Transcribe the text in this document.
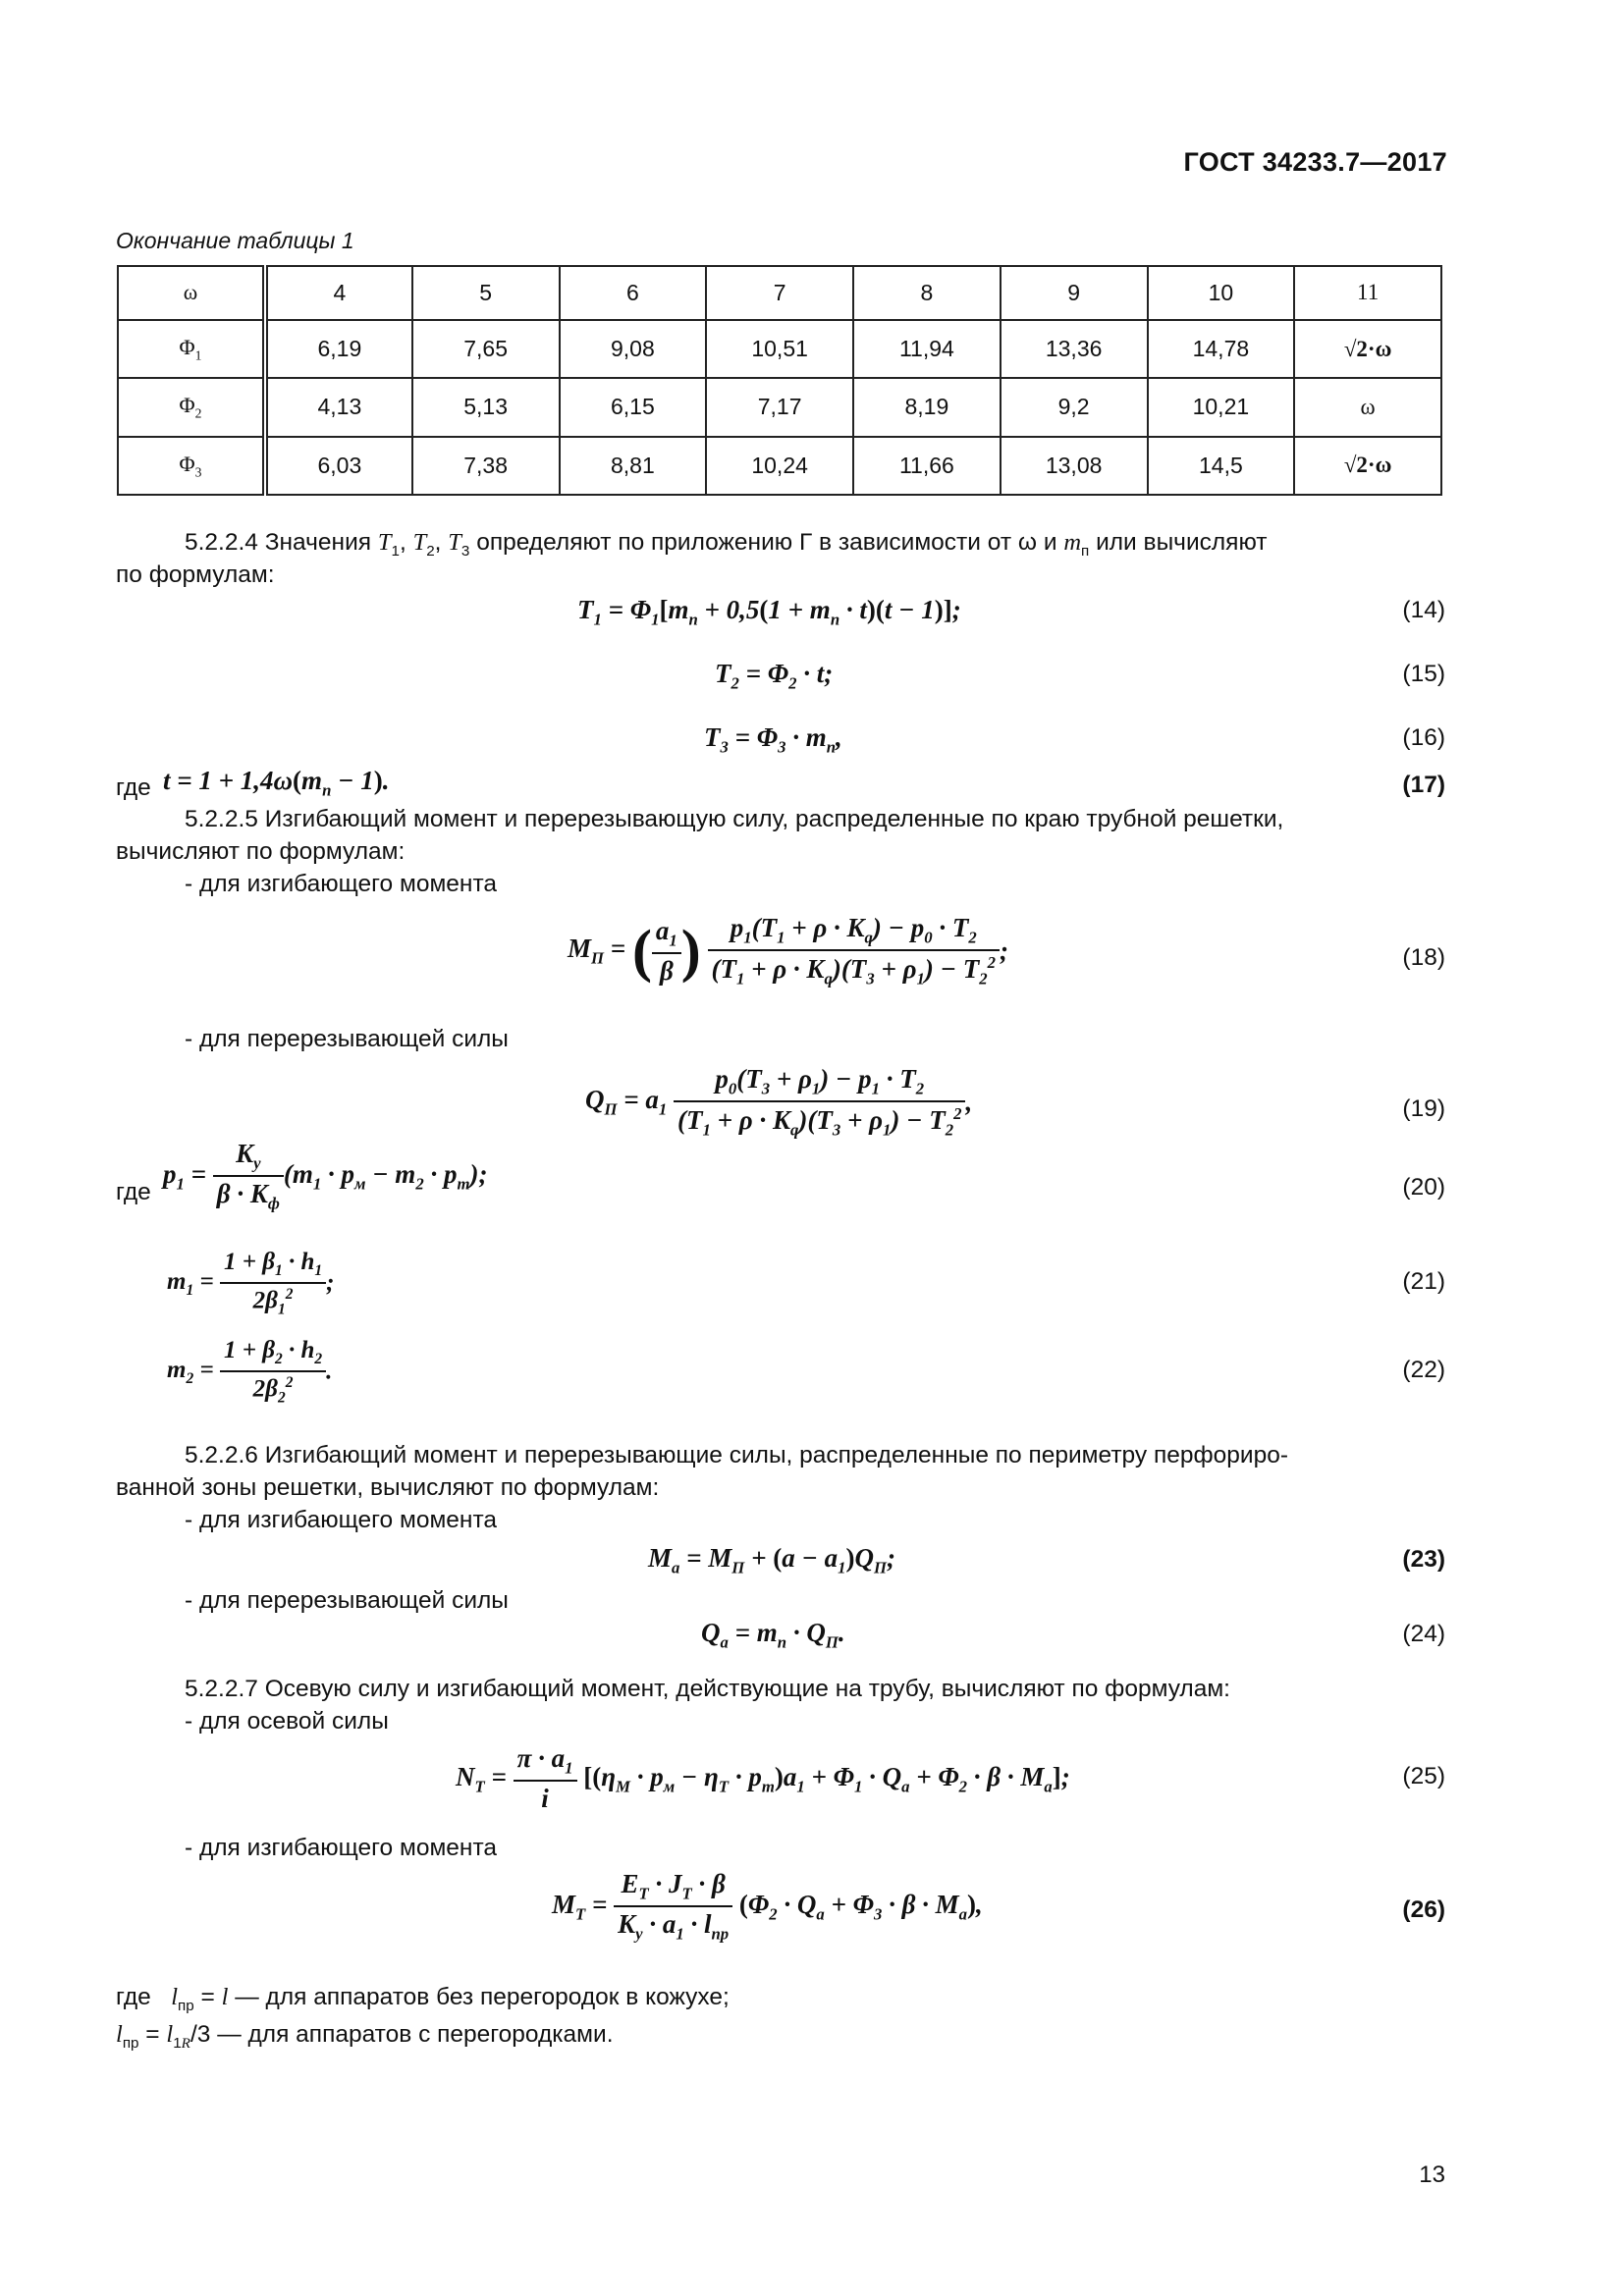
ГОСТ 34233.7—2017
Окончание таблицы 1
ω	4	5	6	7	8	9	10	11
$\Phi_1$	6,19	7,65	9,08	10,51	11,94	13,36	14,78	√2·ω
$\Phi_2$	4,13	5,13	6,15	7,17	8,19	9,2	10,21	ω
$\Phi_3$	6,03	7,38	8,81	10,24	11,66	13,08	14,5	√2·ω
5.2.2.4 Значения $T_1$, $T_2$, $T_3$ определяют по приложению Г в зависимости от ω и $m_п$ или вычисляют
по формулам:
$T_1 = \Phi_1[m_п + 0,5(1 + m_п \cdot t)(t - 1)]$;	(14)
$T_2 = \Phi_2 \cdot t$;	(15)
$T_3 = \Phi_3 \cdot m_п$,	(16)
где $t = 1 + 1,4\omega(m_п - 1)$.	(17)
5.2.2.5 Изгибающий момент и перерезывающую силу, распределенные по краю трубной решетки,
вычисляют по формулам:
- для изгибающего момента
$M_П$ = ( $\frac{a_1}{\beta}$ ) $\frac{p_1(T_1 + \rho \cdot K_q) - p_0 \cdot T_2}{(T_1 + \rho \cdot K_q)(T_3 + \rho_1) - T_2^2}$ ;	(18)
- для перерезывающей силы
$Q_П = a_1 \frac{p_0(T_3 + \rho_1) - p_1 \cdot T_2}{(T_1 + \rho \cdot K_q)(T_3 + \rho_1) - T_2^2}$ ,	(19)
где
$p_1$ =
$K_у$
$\beta \cdot K_ф$
$(m_1 \cdot p_м - m_2 \cdot p_т)$;	(20)
$m_1 = \frac{1 + \beta_1 \cdot h_1}{2\beta_1^2}$ ;	(21)
$m_2 = \frac{1 + \beta_2 \cdot h_2}{2\beta_2^2}$ .	(22)
5.2.2.6 Изгибающий момент и перерезывающие силы, распределенные по периметру перфориро-
ванной зоны решетки, вычисляют по формулам:
- для изгибающего момента
$M_a = M_П + (a - a_1)Q_П$;	(23)
- для перерезывающей силы
$Q_a = m_п \cdot Q_П$.	(24)
5.2.2.7 Осевую силу и изгибающий момент, действующие на трубу, вычисляют по формулам:
- для осевой силы
$N_T = \frac{\pi \cdot a_1}{i} [(\eta_M \cdot p_м - \eta_T \cdot p_т)a_1 + \Phi_1 \cdot Q_a + \Phi_2 \cdot \beta \cdot M_a]$;	(25)
- для изгибающего момента
$M_T$ =
$E_T \cdot J_T \cdot \beta$
$K_у \cdot a_1 \cdot l_{пр}$
$(\Phi_2 \cdot Q_a + \Phi_3 \cdot \beta \cdot M_a)$,	(26)
где $l_{пр} = l$ — для аппаратов без перегородок в кожухе;
$l_{пр} = l_{1R}/3$ — для аппаратов с перегородками.
13
